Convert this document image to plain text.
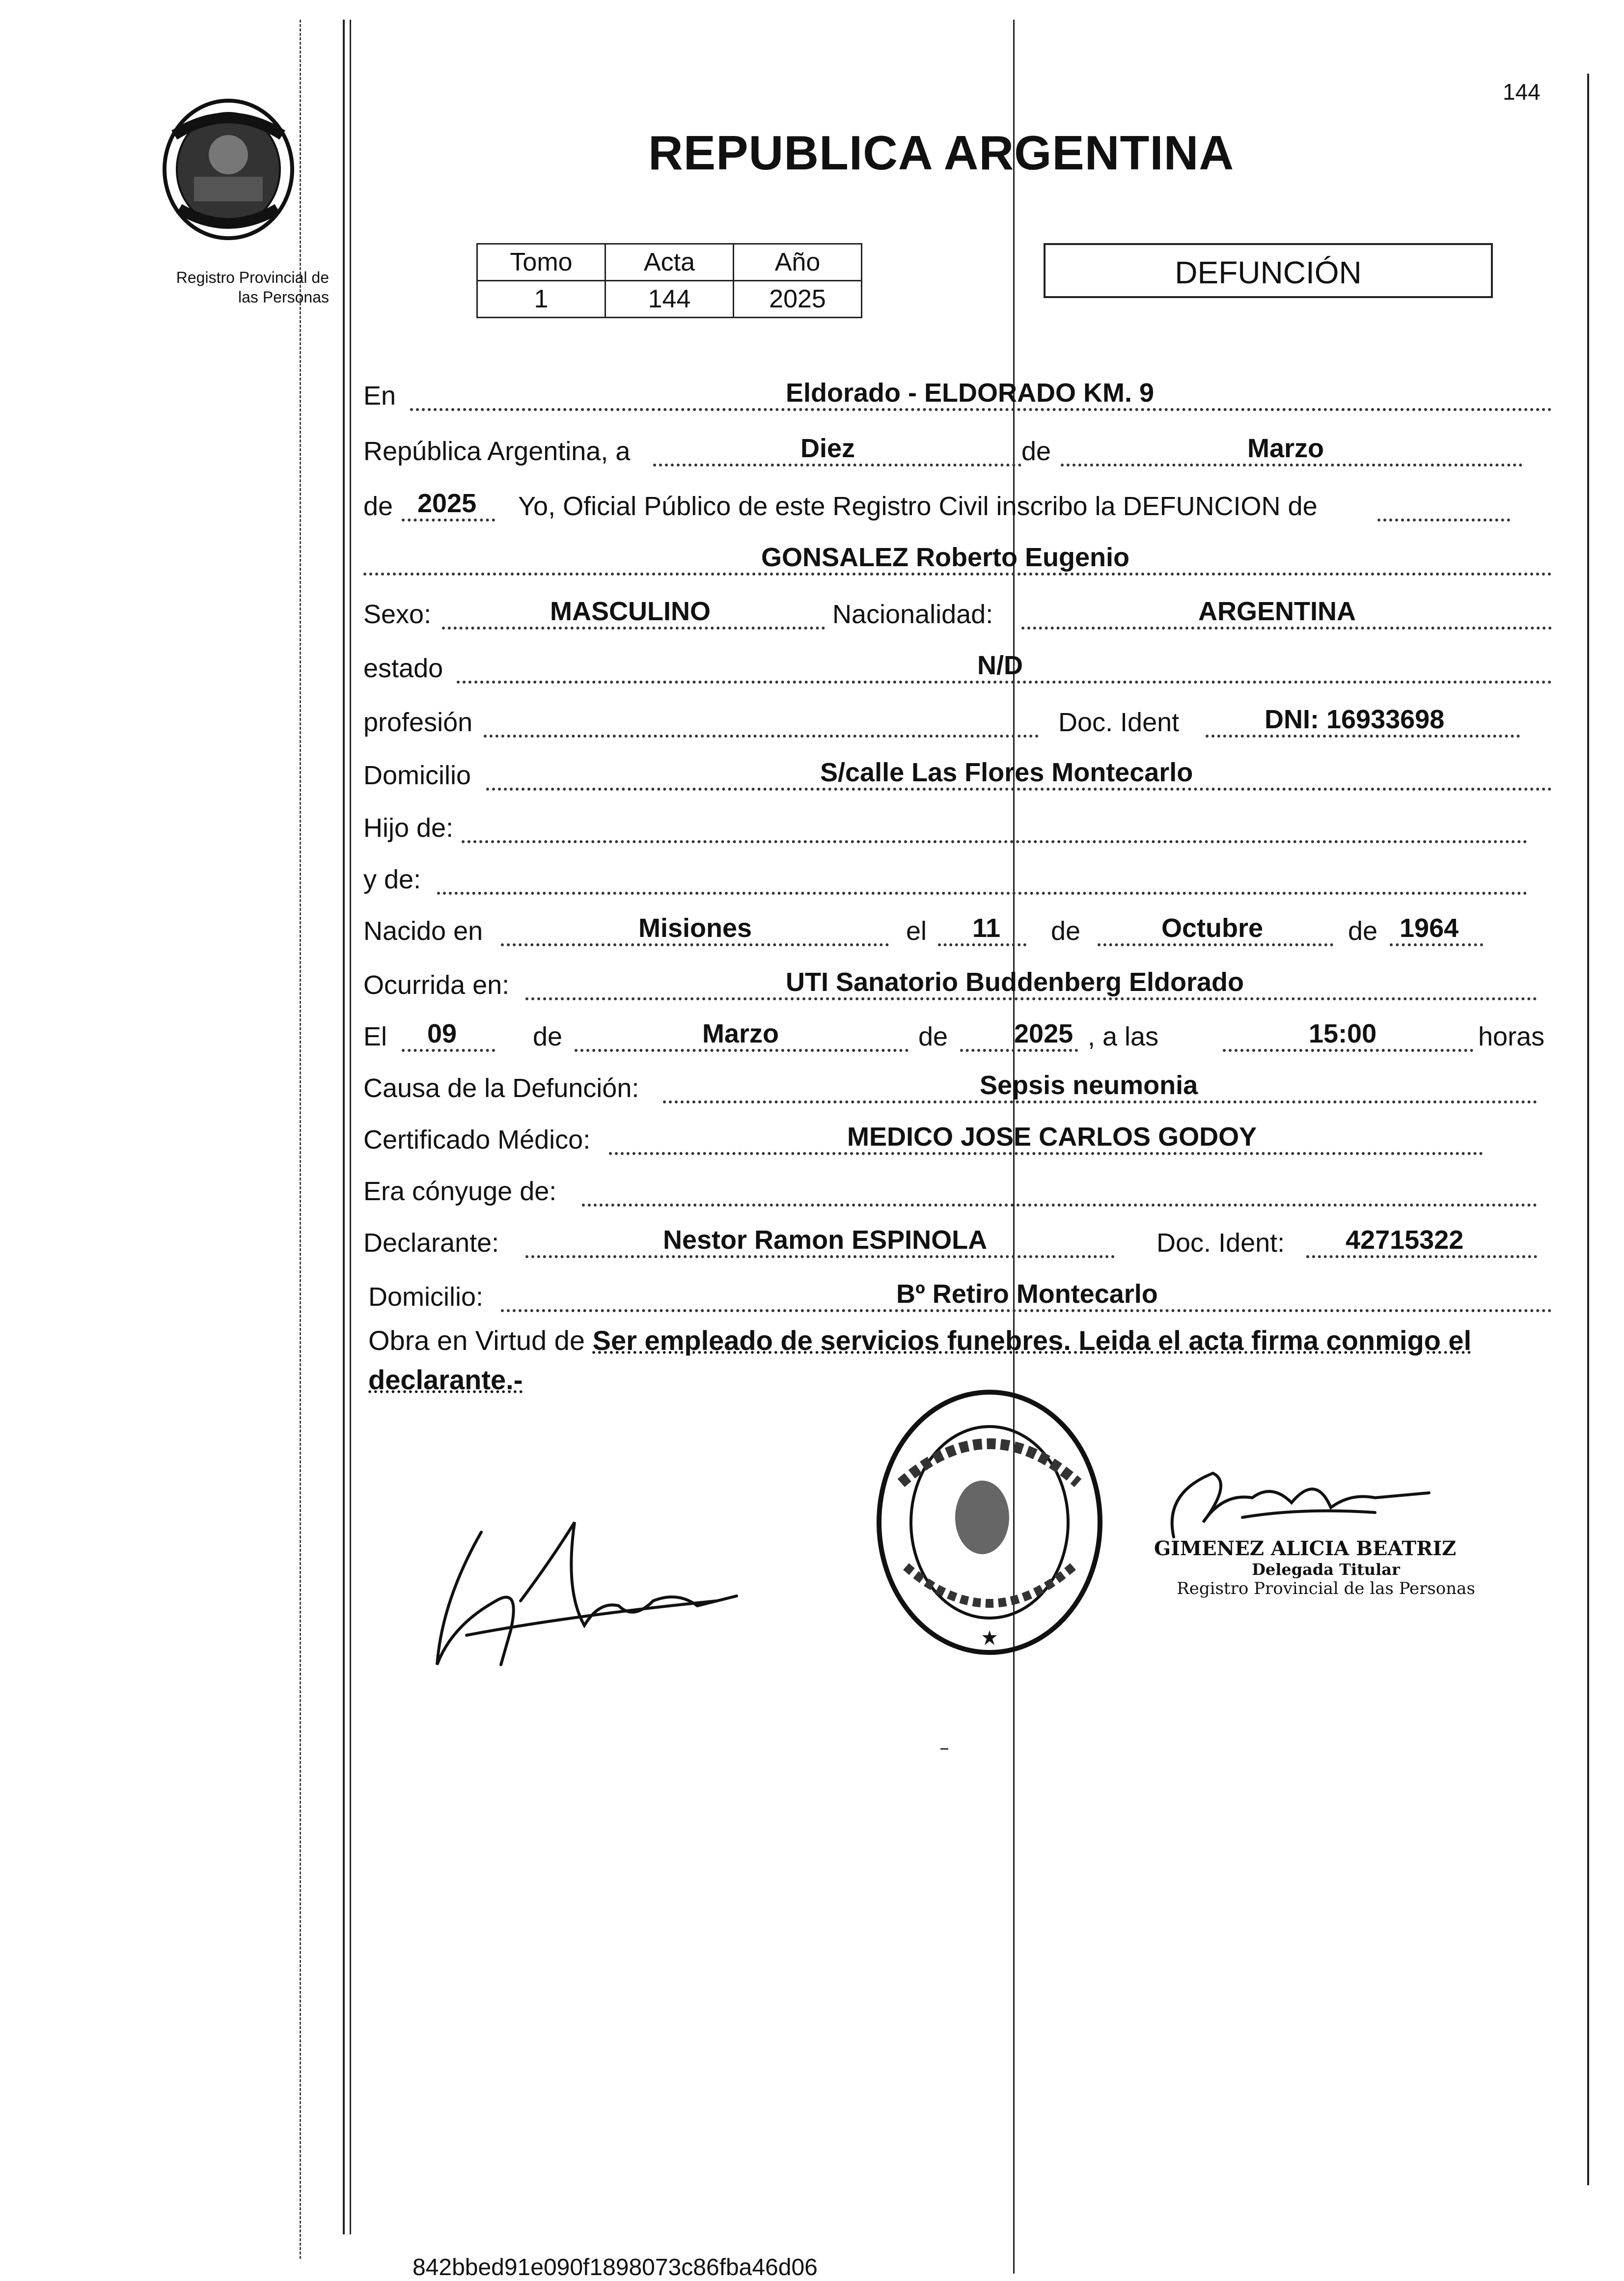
144
Registro Provincial de
las Personas
REPUBLICA ARGENTINA
Tomo	Acta	Año
1	144	2025
DEFUNCIÓN
En	Eldorado - ELDORADO KM. 9
República Argentina, a	Diez	de	Marzo
de 2025 Yo, Oficial Público de este Registro Civil inscribo la DEFUNCION de
GONSALEZ Roberto Eugenio
Sexo:	MASCULINO	Nacionalidad:	ARGENTINA
estado	N/D
profesión	Doc. Ident	DNI: 16933698
Domicilio	S/calle Las Flores Montecarlo
Hijo de:
y de:
Nacido en	Misiones	el 11 de	Octubre	de 1964
Ocurrida en:	UTI Sanatorio Buddenberg Eldorado
El 09	de	Marzo	de 2025 , a las	15:00	horas
Causa de la Defunción:	Sepsis neumonia
Certificado Médico:	MEDICO JOSE CARLOS GODOY
Era cónyuge de:
Declarante:	Nestor Ramon ESPINOLA	Doc. Ident: 42715322
Domicilio:	Bº Retiro Montecarlo
Obra en Virtud de Ser empleado de servicios funebres. Leida el acta firma conmigo el
declarante.-
GIMENEZ ALICIA BEATRIZ
Delegada Titular
Registro Provincial de las Personas
842bbed91e090f1898073c86fba46d06
